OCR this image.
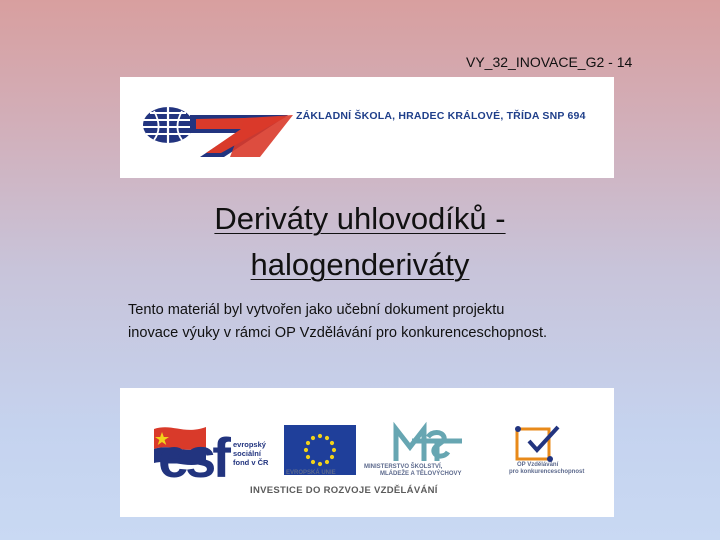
VY_32_INOVACE_G2 - 14
ZÁKLADNÍ ŠKOLA, HRADEC KRÁLOVÉ, TŘÍDA SNP 694
Deriváty uhlovodíků -
halogenderiváty
Tento materiál byl vytvořen jako učební dokument projektu
inovace výuky v rámci OP Vzdělávání pro konkurenceschopnost.
esf evropský
sociální
fond v ČR
EVROPSKÁ UNIE
MINISTERSTVO ŠKOLSTVÍ,
MLÁDEŽE A TĚLOVÝCHOVY
OP Vzdělávání
pro konkurenceschopnost
INVESTICE DO ROZVOJE VZDĚLÁVÁNÍ
